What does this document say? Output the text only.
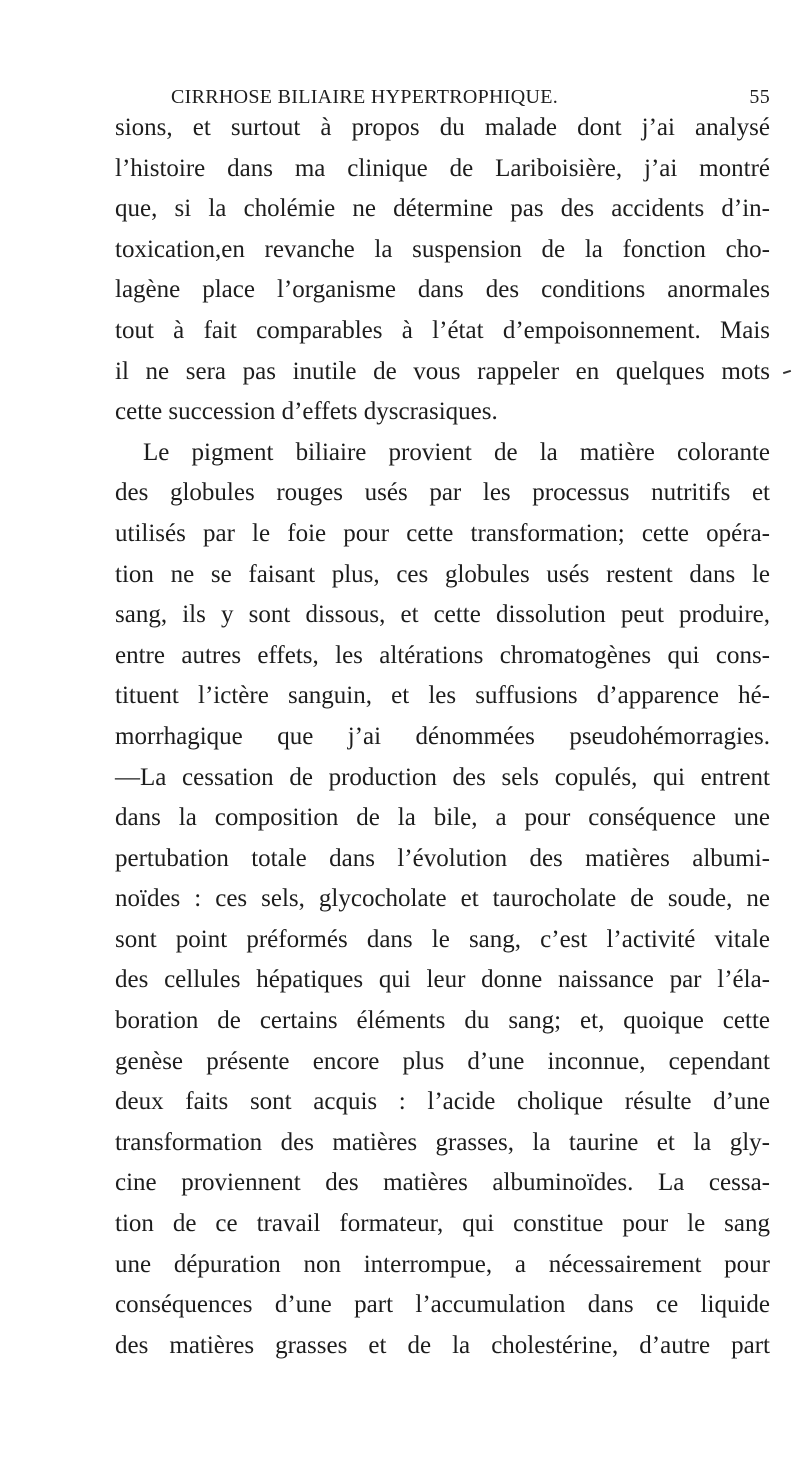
CIRRHOSE BILIAIRE HYPERTROPHIQUE.	55
sions, et surtout à propos du malade dont j’ai analysé
l’histoire dans ma clinique de Lariboisière, j’ai montré
que, si la cholémie ne détermine pas des accidents d’in-
toxication,en revanche la suspension de la fonction cho-
lagène place l’organisme dans des conditions anormales
tout à fait comparables à l’état d’empoisonnement. Mais
il ne sera pas inutile de vous rappeler en quelques mots
cette succession d’effets dyscrasiques.
Le pigment biliaire provient de la matière colorante
des globules rouges usés par les processus nutritifs et
utilisés par le foie pour cette transformation; cette opéra-
tion ne se faisant plus, ces globules usés restent dans le
sang, ils y sont dissous, et cette dissolution peut produire,
entre autres effets, les altérations chromatogènes qui cons-
tituent l’ictère sanguin, et les suffusions d’apparence hé-
morrhagique que j’ai dénommées pseudohémorragies.
—La cessation de production des sels copulés, qui entrent
dans la composition de la bile, a pour conséquence une
pertubation totale dans l’évolution des matières albumi-
noïdes : ces sels, glycocholate et taurocholate de soude, ne
sont point préformés dans le sang, c’est l’activité vitale
des cellules hépatiques qui leur donne naissance par l’éla-
boration de certains éléments du sang; et, quoique cette
genèse présente encore plus d’une inconnue, cependant
deux faits sont acquis : l’acide cholique résulte d’une
transformation des matières grasses, la taurine et la gly-
cine proviennent des matières albuminoïdes. La cessa-
tion de ce travail formateur, qui constitue pour le sang
une dépuration non interrompue, a nécessairement pour
conséquences d’une part l’accumulation dans ce liquide
des matières grasses et de la cholestérine, d’autre part
